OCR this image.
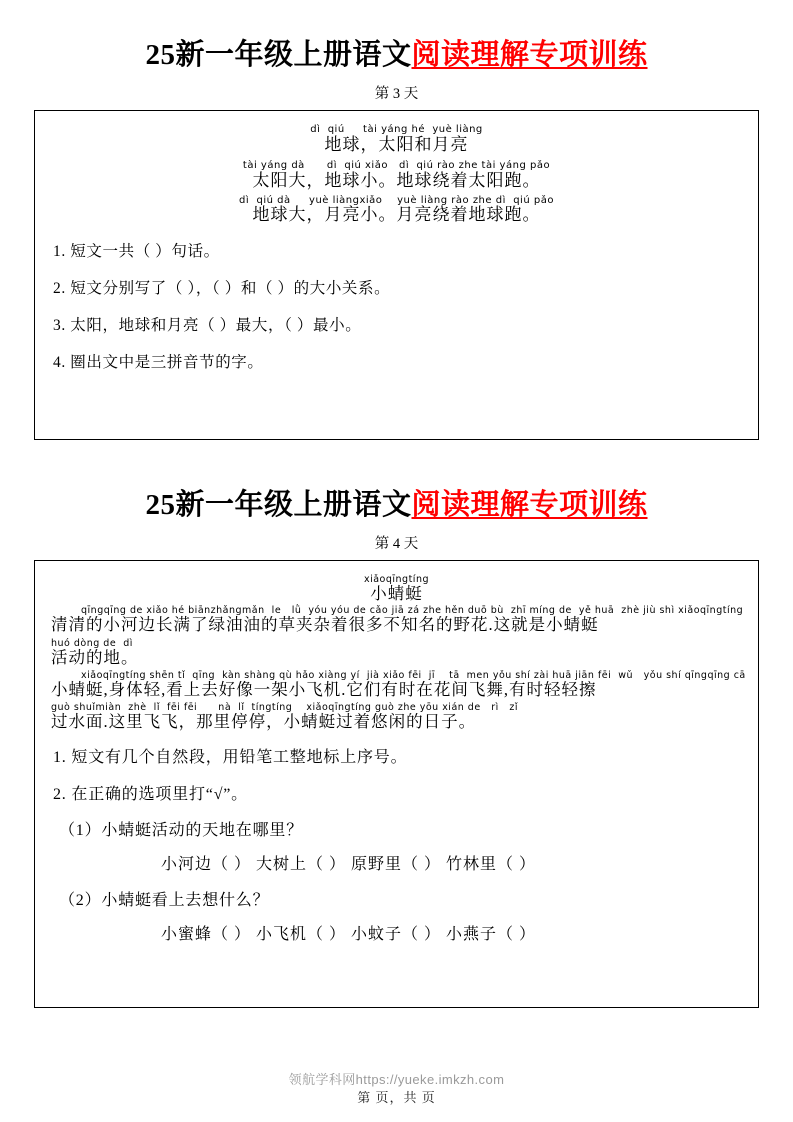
25新一年级上册语文阅读理解专项训练
第 3 天
dì  qiú     tài yáng hé  yuè liàng
地球，太阳和月亮
tài yáng dà      dì  qiú xiǎo   dì  qiú rào zhe tài yáng pǎo
太阳大，地球小。地球绕着太阳跑。
dì  qiú dà     yuè liàngxiǎo    yuè liàng rào zhe dì  qiú pǎo
地球大，月亮小。月亮绕着地球跑。
1. 短文一共（ ）句话。
2. 短文分别写了（ ），（ ）和（ ）的大小关系。
3. 太阳，地球和月亮（ ）最大，（ ）最小。
4. 圈出文中是三拼音节的字。
25新一年级上册语文阅读理解专项训练
第 4 天
xiǎoqīngtíng
小蜻蜓
qīngqīng de xiǎo hé biānzhǎngmǎn  le   lǜ  yóu yóu de cǎo jiā zá zhe hěn duō bù  zhī míng de  yě huā  zhè jiù shì xiǎoqīngtíng
清清的小河边长满了绿油油的草夹杂着很多不知名的野花.这就是小蜻蜓
huó dòng de  dì
活动的地。
xiǎoqīngtíng shēn tǐ  qīng  kàn shàng qù hǎo xiàng yí  jià xiǎo fēi  jī    tā  men yǒu shí zài huā jiān fēi  wǔ   yǒu shí qīngqīng cā
小蜻蜓,身体轻,看上去好像一架小飞机.它们有时在花间飞舞,有时轻轻擦
guò shuǐmiàn  zhè  lǐ  fēi fēi      nà  lǐ  tíngtíng    xiǎoqīngtíng guò zhe yōu xián de   rì   zǐ
过水面.这里飞飞，那里停停，小蜻蜓过着悠闲的日子。
1. 短文有几个自然段，用铅笔工整地标上序号。
2. 在正确的选项里打“√”。
（1）小蜻蜓活动的天地在哪里？
小河边（ ） 大树上（ ） 原野里（ ） 竹林里（ ）
（2）小蜻蜓看上去想什么？
小蜜蜂（ ） 小飞机（ ） 小蚊子（ ） 小燕子（ ）
领航学科网https://yueke.imkzh.com
第 页，共 页
